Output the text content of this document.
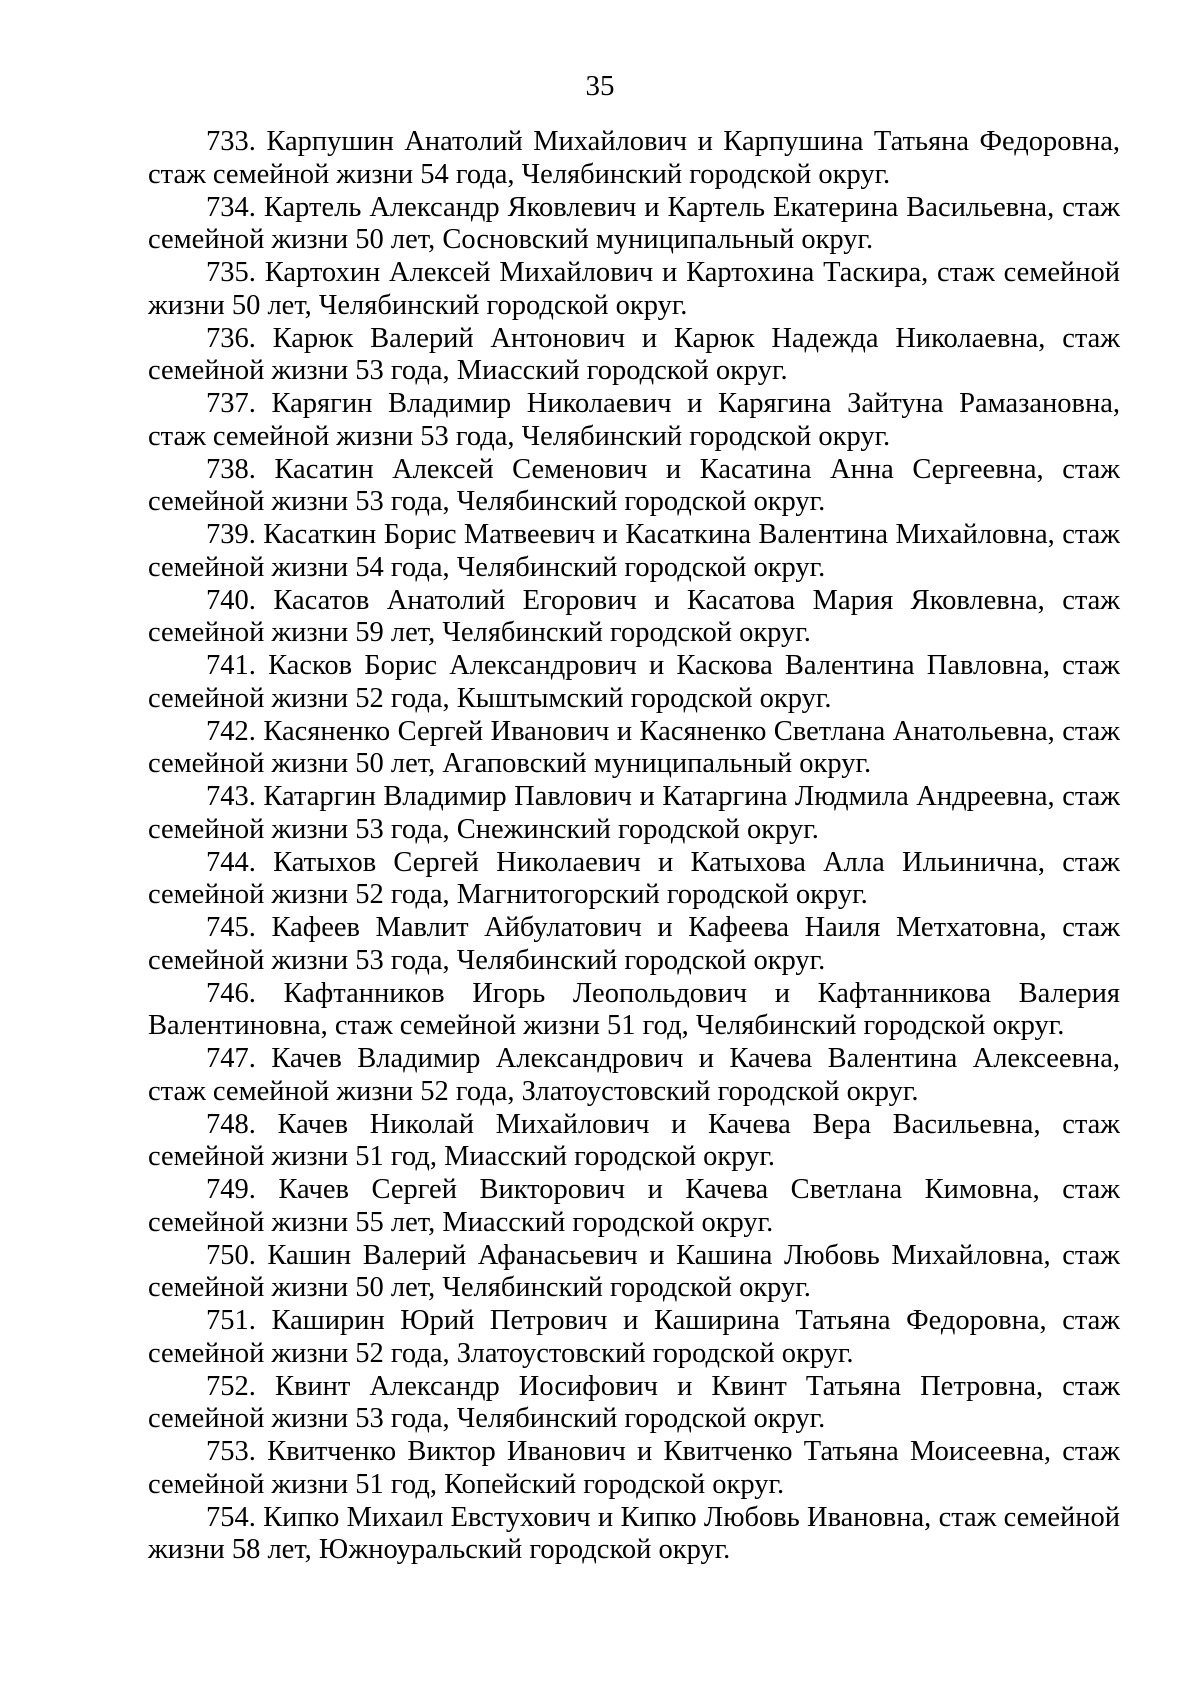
35

733. Карпушин Анатолий Михайлович и Карпушина Татьяна Федоровна, стаж семейной жизни 54 года, Челябинский городской округ.

734. Картель Александр Яковлевич и Картель Екатерина Васильевна, стаж семейной жизни 50 лет, Сосновский муниципальный округ.

735. Картохин Алексей Михайлович и Картохина Таскира, стаж семейной жизни 50 лет, Челябинский городской округ.

736. Карюк Валерий Антонович и Карюк Надежда Николаевна, стаж семейной жизни 53 года, Миасский городской округ.

737. Карягин Владимир Николаевич и Карягина Зайтуна Рамазановна, стаж семейной жизни 53 года, Челябинский городской округ.

738. Касатин Алексей Семенович и Касатина Анна Сергеевна, стаж семейной жизни 53 года, Челябинский городской округ.

739. Касаткин Борис Матвеевич и Касаткина Валентина Михайловна, стаж семейной жизни 54 года, Челябинский городской округ.

740. Касатов Анатолий Егорович и Касатова Мария Яковлевна, стаж семейной жизни 59 лет, Челябинский городской округ.

741. Касков Борис Александрович и Каскова Валентина Павловна, стаж семейной жизни 52 года, Кыштымский городской округ.

742. Касяненко Сергей Иванович и Касяненко Светлана Анатольевна, стаж семейной жизни 50 лет, Агаповский муниципальный округ.

743. Катаргин Владимир Павлович и Катаргина Людмила Андреевна, стаж семейной жизни 53 года, Снежинский городской округ.

744. Катыхов Сергей Николаевич и Катыхова Алла Ильинична, стаж семейной жизни 52 года, Магнитогорский городской округ.

745. Кафеев Мавлит Айбулатович и Кафеева Наиля Метхатовна, стаж семейной жизни 53 года, Челябинский городской округ.

746. Кафтанников Игорь Леопольдович и Кафтанникова Валерия Валентиновна, стаж семейной жизни 51 год, Челябинский городской округ.

747. Качев Владимир Александрович и Качева Валентина Алексеевна, стаж семейной жизни 52 года, Златоустовский городской округ.

748. Качев Николай Михайлович и Качева Вера Васильевна, стаж семейной жизни 51 год, Миасский городской округ.

749. Качев Сергей Викторович и Качева Светлана Кимовна, стаж семейной жизни 55 лет, Миасский городской округ.

750. Кашин Валерий Афанасьевич и Кашина Любовь Михайловна, стаж семейной жизни 50 лет, Челябинский городской округ.

751. Каширин Юрий Петрович и Каширина Татьяна Федоровна, стаж семейной жизни 52 года, Златоустовский городской округ.

752. Квинт Александр Иосифович и Квинт Татьяна Петровна, стаж семейной жизни 53 года, Челябинский городской округ.

753. Квитченко Виктор Иванович и Квитченко Татьяна Моисеевна, стаж семейной жизни 51 год, Копейский городской округ.

754. Кипко Михаил Евстухович и Кипко Любовь Ивановна, стаж семейной жизни 58 лет, Южноуральский городской округ.
